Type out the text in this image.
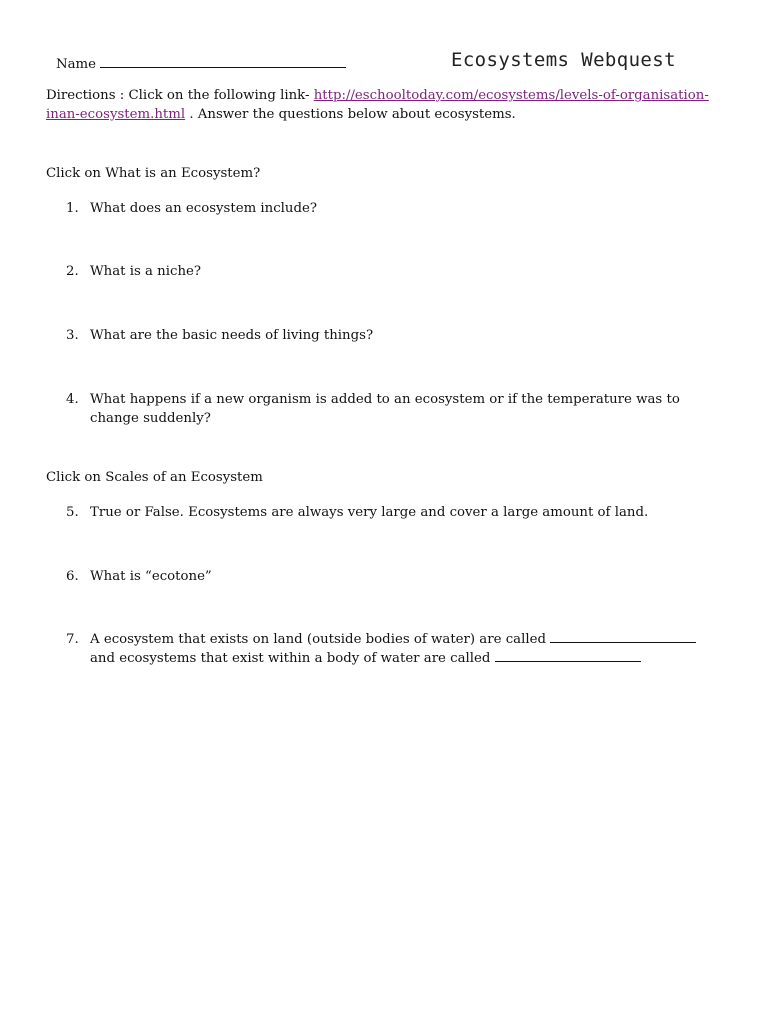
Name	Ecosystems Webquest
Directions : Click on the following link- http://eschooltoday.com/ecosystems/levels-of-organisation-inan-ecosystem.html . Answer the questions below about ecosystems.
Click on What is an Ecosystem?
1. What does an ecosystem include?
2. What is a niche?
3. What are the basic needs of living things?
4. What happens if a new organism is added to an ecosystem or if the temperature was to change suddenly?
Click on Scales of an Ecosystem
5. True or False. Ecosystems are always very large and cover a large amount of land.
6. What is “ecotone”
7. A ecosystem that exists on land (outside bodies of water) are called  and ecosystems that exist within a body of water are called
